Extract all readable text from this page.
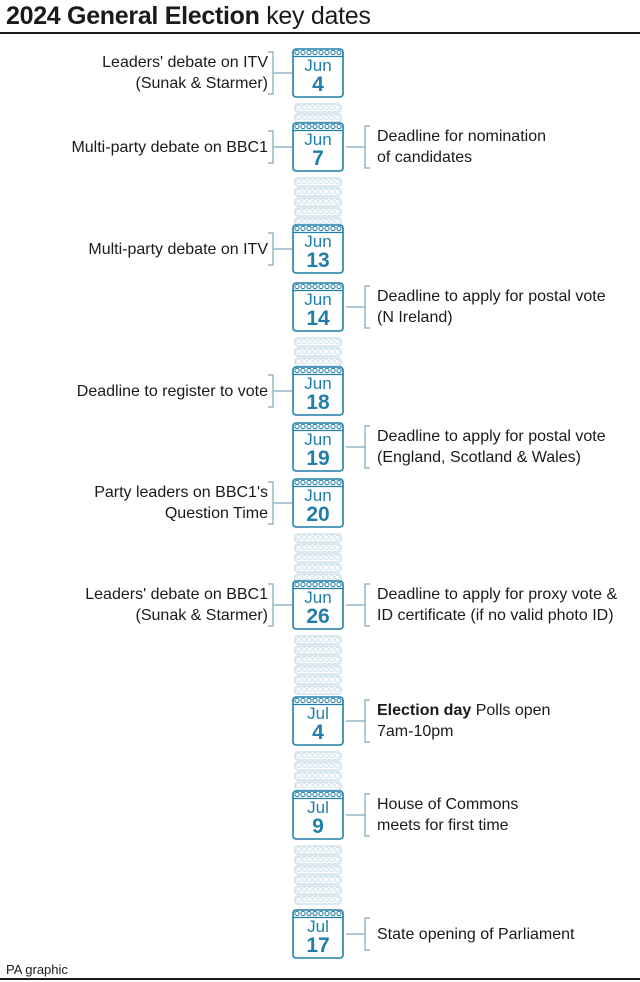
2024 General Election key dates
Jun
4
Leaders' debate on ITV
(Sunak & Starmer)
Jun
7
Multi-party debate on BBC1
Deadline for nomination
of candidates
Jun
13
Multi-party debate on ITV
Jun
14
Deadline to apply for postal vote
(N Ireland)
Jun
18
Deadline to register to vote
Jun
19
Deadline to apply for postal vote
(England, Scotland & Wales)
Jun
20
Party leaders on BBC1's
Question Time
Jun
26
Leaders' debate on BBC1
(Sunak & Starmer)
Deadline to apply for proxy vote &
ID certificate (if no valid photo ID)
Jul
4
Election day Polls open
7am-10pm
Jul
9
House of Commons
meets for first time
Jul
17	State opening of Parliament
PA graphic
